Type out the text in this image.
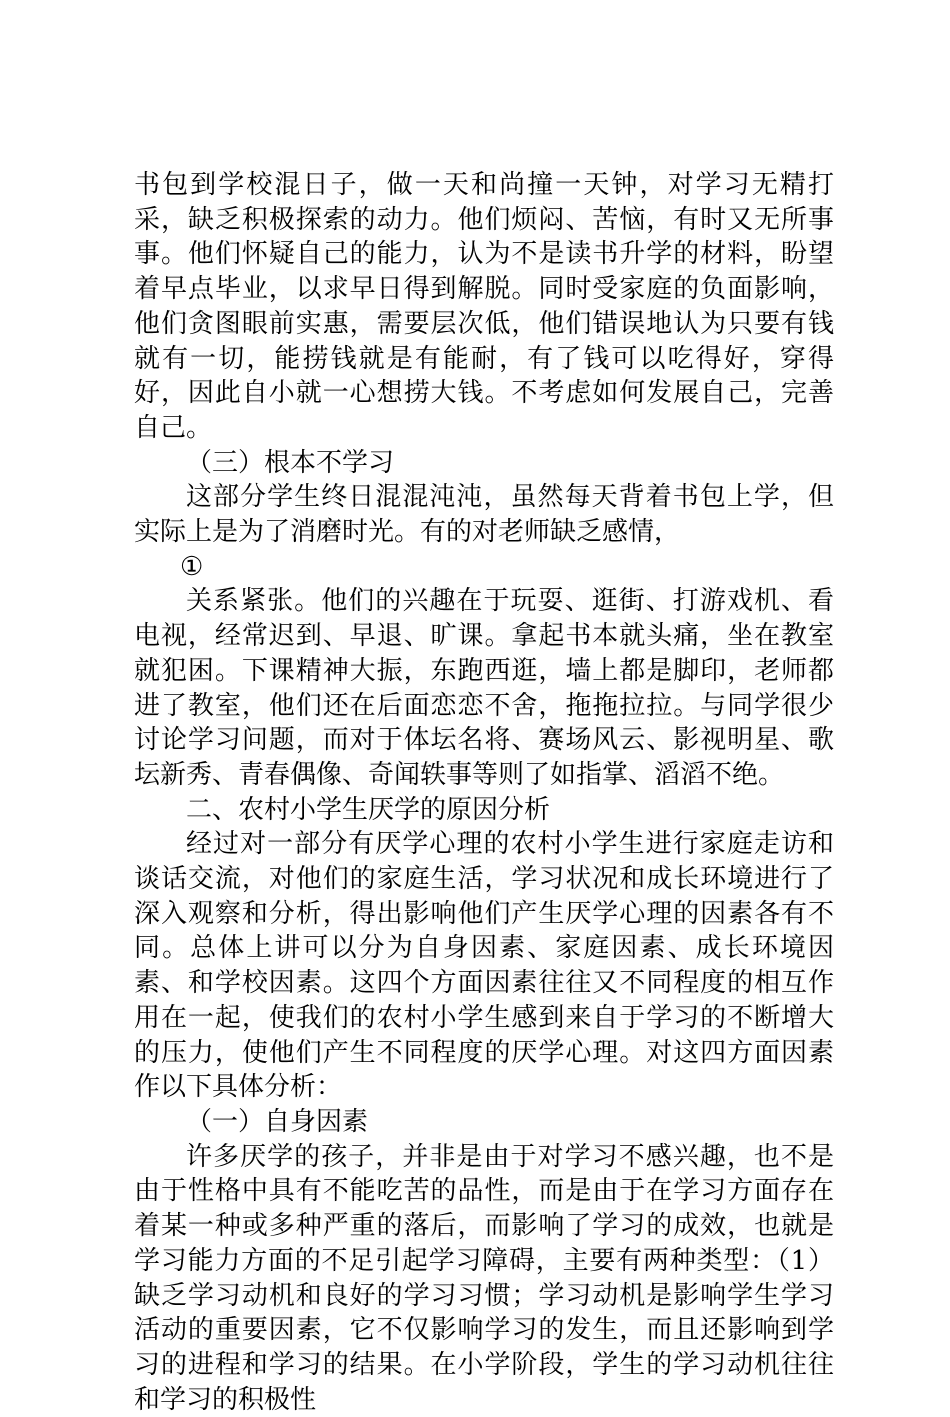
书包到学校混日子，做一天和尚撞一天钟，对学习无精打采，缺乏积极探索的动力。他们烦闷、苦恼，有时又无所事事。他们怀疑自己的能力，认为不是读书升学的材料，盼望着早点毕业，以求早日得到解脱。同时受家庭的负面影响，他们贪图眼前实惠，需要层次低，他们错误地认为只要有钱就有一切，能捞钱就是有能耐，有了钱可以吃得好，穿得好，因此自小就一心想捞大钱。不考虑如何发展自己，完善自己。

（三）根本不学习

这部分学生终日混混沌沌，虽然每天背着书包上学，但实际上是为了消磨时光。有的对老师缺乏感情，

①

关系紧张。他们的兴趣在于玩耍、逛街、打游戏机、看电视，经常迟到、早退、旷课。拿起书本就头痛，坐在教室就犯困。下课精神大振，东跑西逛，墙上都是脚印，老师都进了教室，他们还在后面恋恋不舍，拖拖拉拉。与同学很少讨论学习问题，而对于体坛名将、赛场风云、影视明星、歌坛新秀、青春偶像、奇闻轶事等则了如指掌、滔滔不绝。

二、农村小学生厌学的原因分析

经过对一部分有厌学心理的农村小学生进行家庭走访和谈话交流，对他们的家庭生活，学习状况和成长环境进行了深入观察和分析，得出影响他们产生厌学心理的因素各有不同。总体上讲可以分为自身因素、家庭因素、成长环境因素、和学校因素。这四个方面因素往往又不同程度的相互作用在一起，使我们的农村小学生感到来自于学习的不断增大的压力，使他们产生不同程度的厌学心理。对这四方面因素作以下具体分析：

（一）自身因素

许多厌学的孩子，并非是由于对学习不感兴趣，也不是由于性格中具有不能吃苦的品性，而是由于在学习方面存在着某一种或多种严重的落后，而影响了学习的成效，也就是学习能力方面的不足引起学习障碍，主要有两种类型：（1）缺乏学习动机和良好的学习习惯；学习动机是影响学生学习活动的重要因素，它不仅影响学习的发生，而且还影响到学习的进程和学习的结果。在小学阶段，学生的学习动机往往和学习的积极性
